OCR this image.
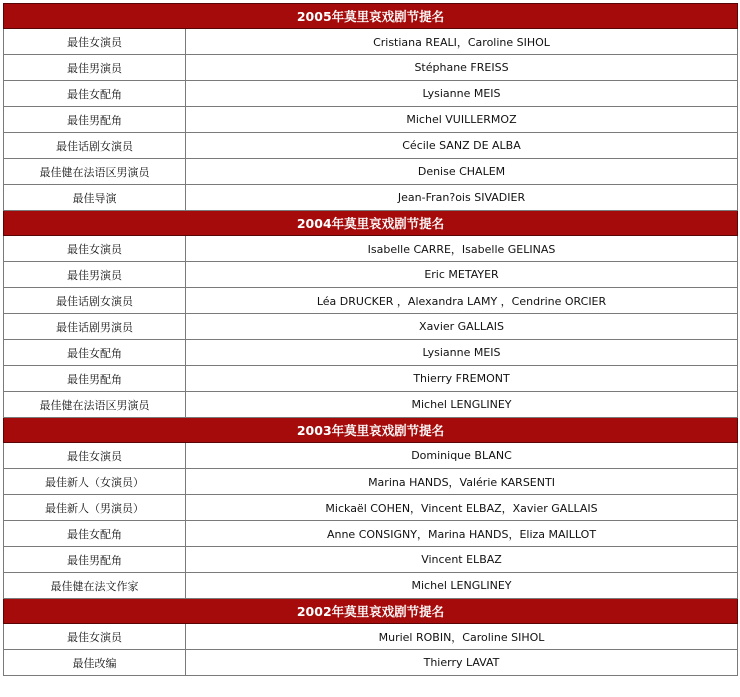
2005年莫里哀戏剧节提名	
最佳女演员	Cristiana REALI，Caroline SIHOL
最佳男演员	Stéphane FREISS
最佳女配角	Lysianne MEIS
最佳男配角	Michel VUILLERMOZ
最佳话剧女演员	Cécile SANZ DE ALBA
最佳健在法语区男演员	Denise CHALEM
最佳导演	Jean-Fran?ois SIVADIER
2004年莫里哀戏剧节提名	
最佳女演员	Isabelle CARRE，Isabelle GELINAS
最佳男演员	Eric METAYER
最佳话剧女演员	Léa DRUCKER ，Alexandra LAMY ，Cendrine ORCIER
最佳话剧男演员	Xavier GALLAIS
最佳女配角	Lysianne MEIS
最佳男配角	Thierry FREMONT
最佳健在法语区男演员	Michel LENGLINEY
2003年莫里哀戏剧节提名	
最佳女演员	Dominique BLANC
最佳新人（女演员）	Marina HANDS，Valérie KARSENTI
最佳新人（男演员）	Mickaël COHEN，Vincent ELBAZ，Xavier GALLAIS
最佳女配角	Anne CONSIGNY，Marina HANDS，Eliza MAILLOT
最佳男配角	Vincent ELBAZ
最佳健在法文作家	Michel LENGLINEY
2002年莫里哀戏剧节提名	
最佳女演员	Muriel ROBIN，Caroline SIHOL
最佳改编	Thierry LAVAT
